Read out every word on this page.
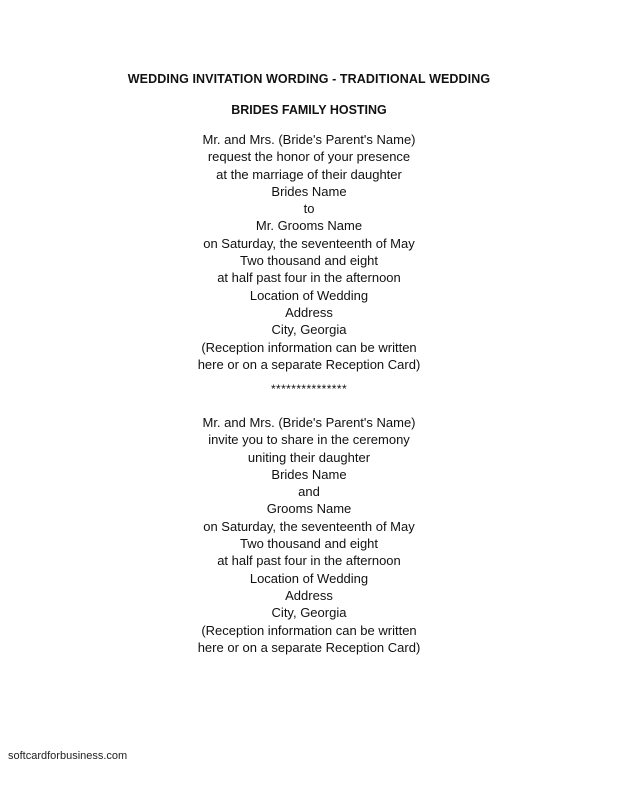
WEDDING INVITATION WORDING - TRADITIONAL WEDDING
BRIDES FAMILY HOSTING
Mr. and Mrs. (Bride's Parent's Name)
request the honor of your presence
at the marriage of their daughter
Brides Name
to
Mr. Grooms Name
on Saturday, the seventeenth of May
Two thousand and eight
at half past four in the afternoon
Location of Wedding
Address
City, Georgia
(Reception information can be written
here or on a separate Reception Card)
***************
Mr. and Mrs. (Bride's Parent's Name)
invite you to share in the ceremony
uniting their daughter
Brides Name
and
Grooms Name
on Saturday, the seventeenth of May
Two thousand and eight
at half past four in the afternoon
Location of Wedding
Address
City, Georgia
(Reception information can be written
here or on a separate Reception Card)
softcardforbusiness.com
